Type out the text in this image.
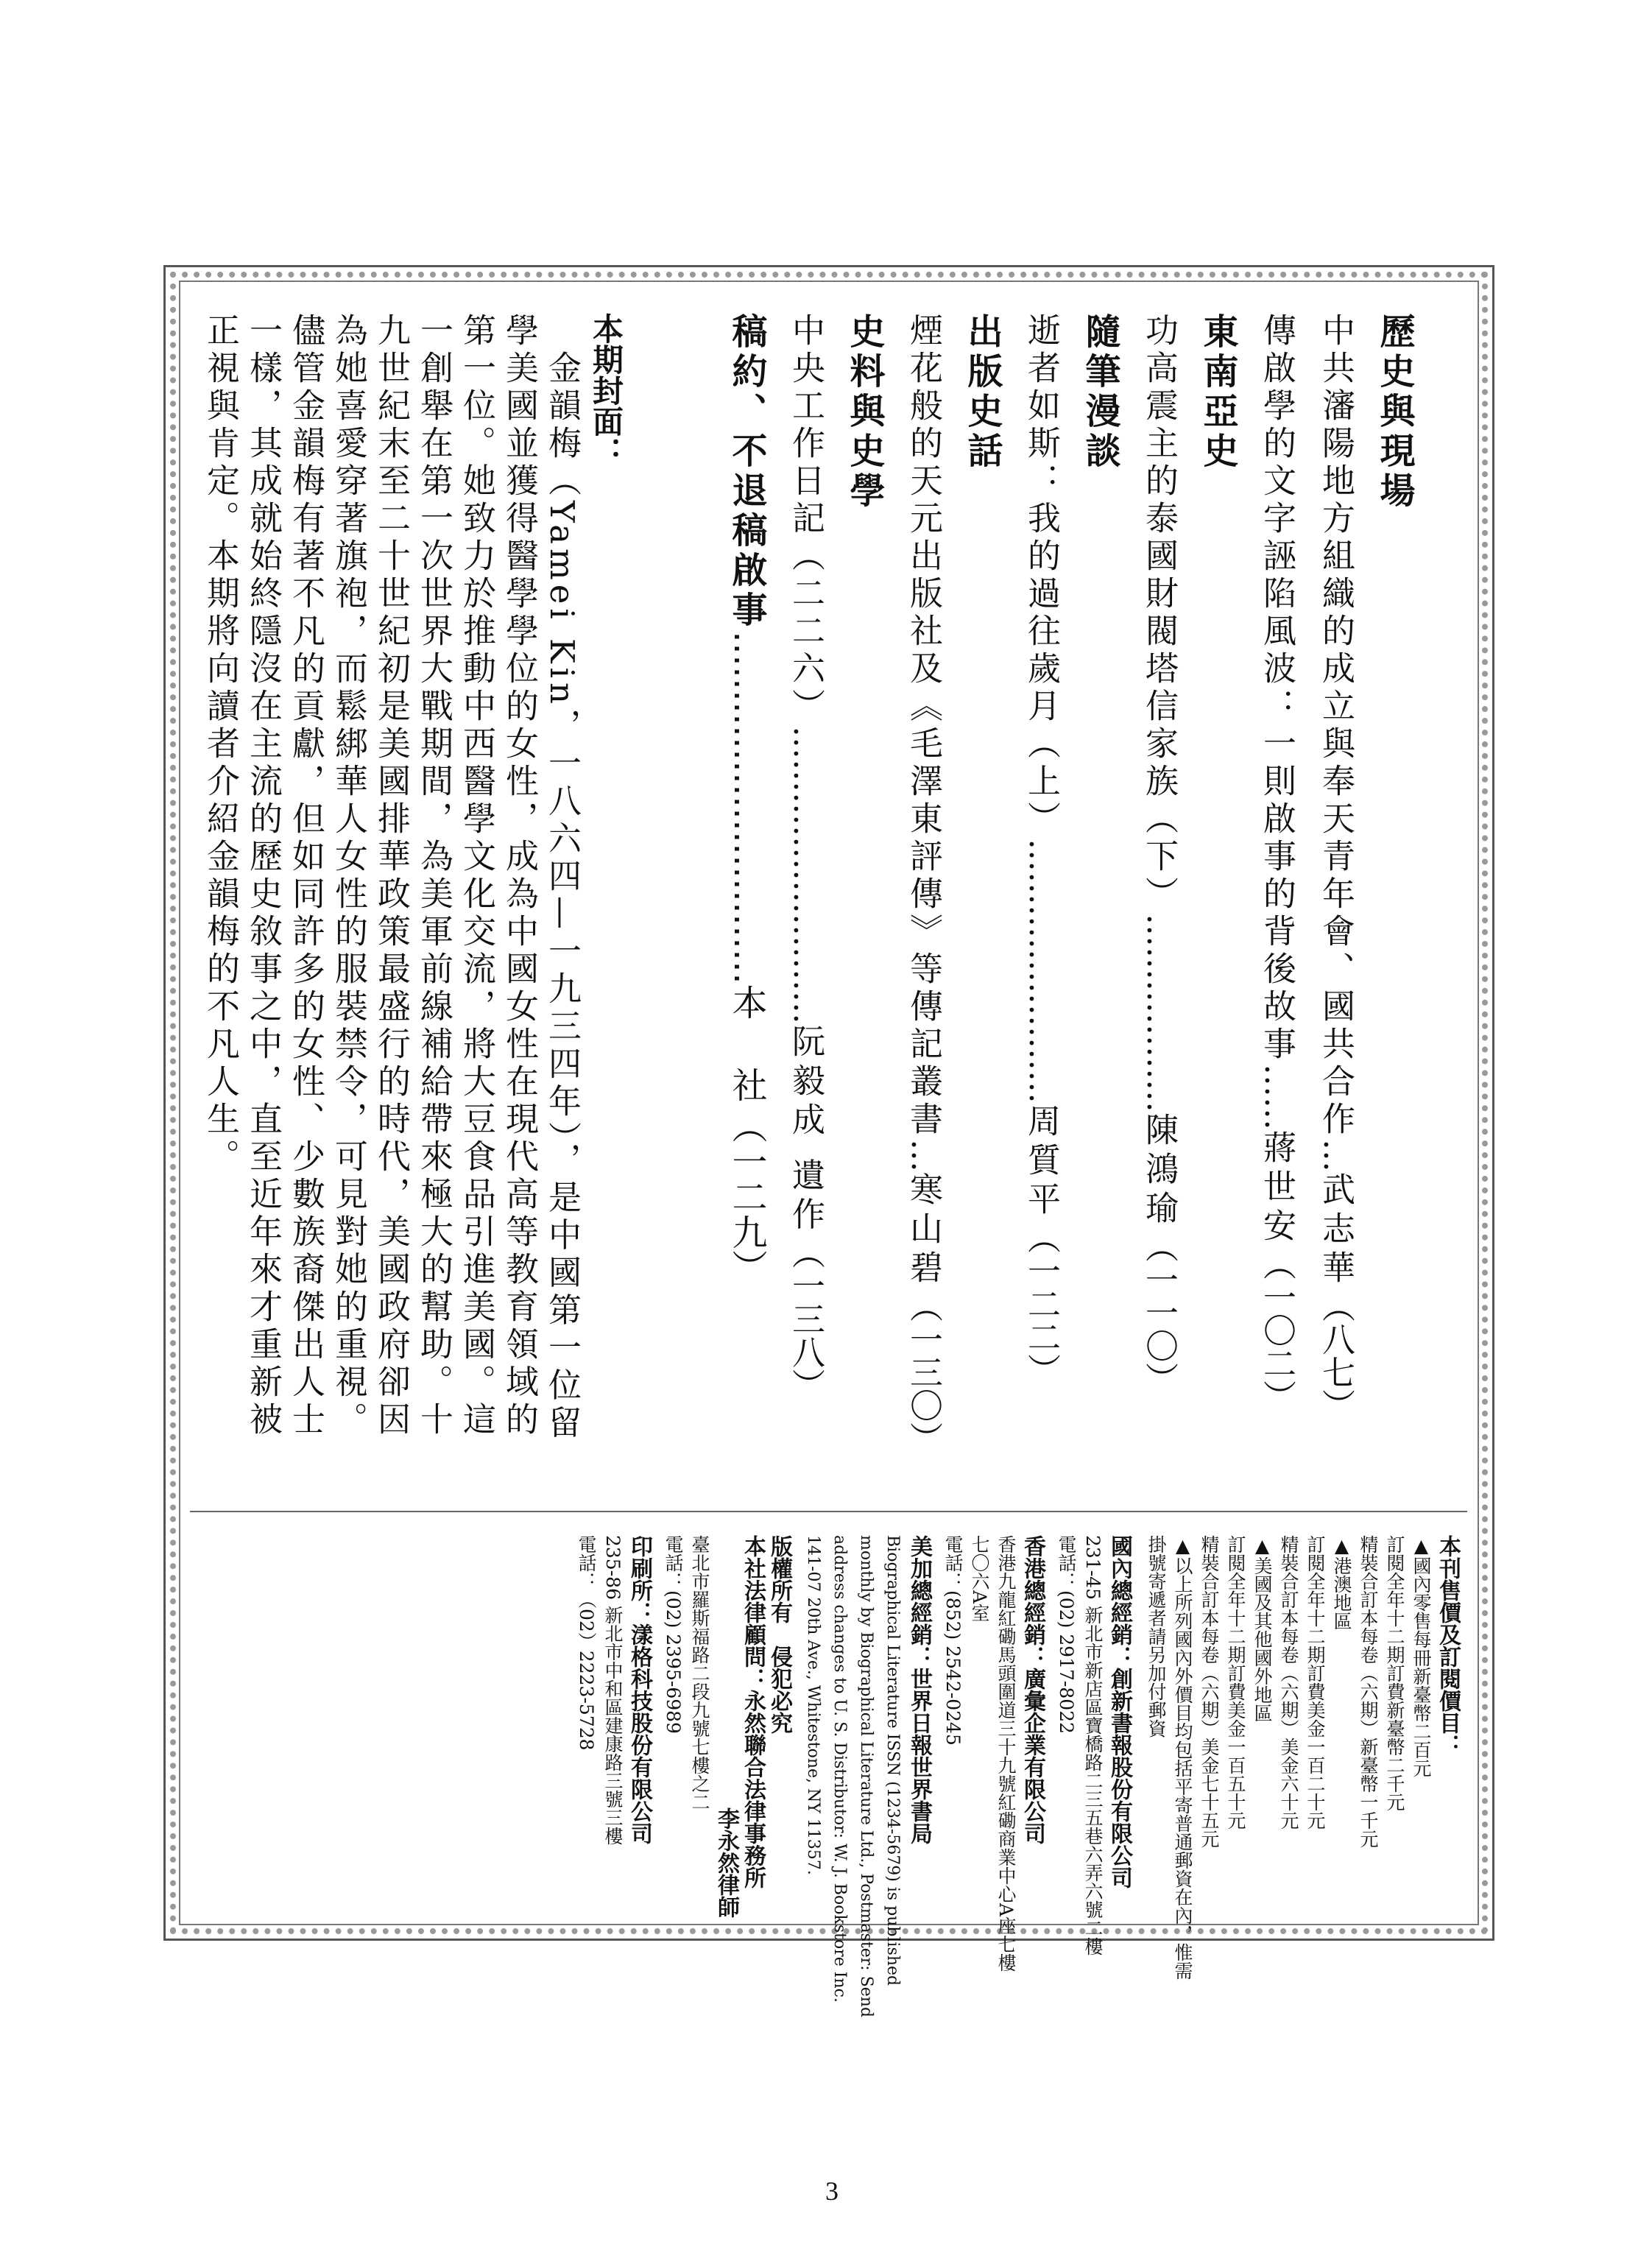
歷史與現場
中共瀋陽地方組織的成立與奉天青年會、國共合作…武志華（八七）
傳啟學的文字誣陷風波：一則啟事的背後故事……蔣世安（一〇二）
東南亞史
功高震主的泰國財閥塔信家族（下）………………陳鴻瑜（一一〇）
隨筆漫談
逝者如斯：我的過往歲月（上）……………………周質平（一二二）
出版史話
煙花般的天元出版社及《毛澤東評傳》等傳記叢書…寒山碧（一三〇）
史料與史學
中央工作日記（二二六）………………………阮毅成 遺作（一三八）
稿約、不退稿啟事…………………………本　社（一二九）
本期封面：
　金韻梅（Yamei Kin，一八六四—一九三四年），是中國第一位留學美國並獲得醫學學位的女性，成為中國女性在現代高等教育領域的第一位。她致力於推動中西醫學文化交流，將大豆食品引進美國。這一創舉在第一次世界大戰期間，為美軍前線補給帶來極大的幫助。十九世紀末至二十世紀初是美國排華政策最盛行的時代，美國政府卻因為她喜愛穿著旗袍，而鬆綁華人女性的服裝禁令，可見對她的重視。儘管金韻梅有著不凡的貢獻，但如同許多的女性、少數族裔傑出人士一樣，其成就始終隱沒在主流的歷史敘事之中，直至近年來才重新被正視與肯定。本期將向讀者介紹金韻梅的不凡人生。
本刊售價及訂閱價目：
▲國內零售每冊新臺幣二百元
訂閱全年十二期訂費新臺幣二千元
精裝合訂本每卷（六期）新臺幣一千元
▲港澳地區
訂閱全年十二期訂費美金一百二十元
精裝合訂本每卷（六期）美金六十元
▲美國及其他國外地區
訂閱全年十二期訂費美金一百五十元
精裝合訂本每卷（六期）美金七十五元
▲以上所列國內外價目均包括平寄普通郵資在內，惟需
掛號寄遞者請另加付郵資
國內總經銷：創新書報股份有限公司
231-45 新北市新店區寶橋路二三五巷六弄六號二樓
電話：(02) 2917-8022
香港總經銷：廣彙企業有限公司
香港九龍紅磡馬頭圍道三十九號紅磡商業中心A座七樓
七〇六A室
電話：(852) 2542-0245
美加總經銷：世界日報世界書局
Biographical Literature ISSN (1234-5679) is published
monthly by Biographical Literature Ltd., Postmaster: Send
address changes to U. S. Distributor: W. J. Bookstore Inc.
141-07 20th Ave., Whitestone, NY 11357.
版權所有　侵犯必究
本社法律顧問：永然聯合法律事務所
李永然律師
臺北市羅斯福路二段九號七樓之二
電話：(02) 2395-6989
印刷所：漾格科技股份有限公司
235-86 新北市中和區建康路三號三樓
電話：（02）2223-5728
3
